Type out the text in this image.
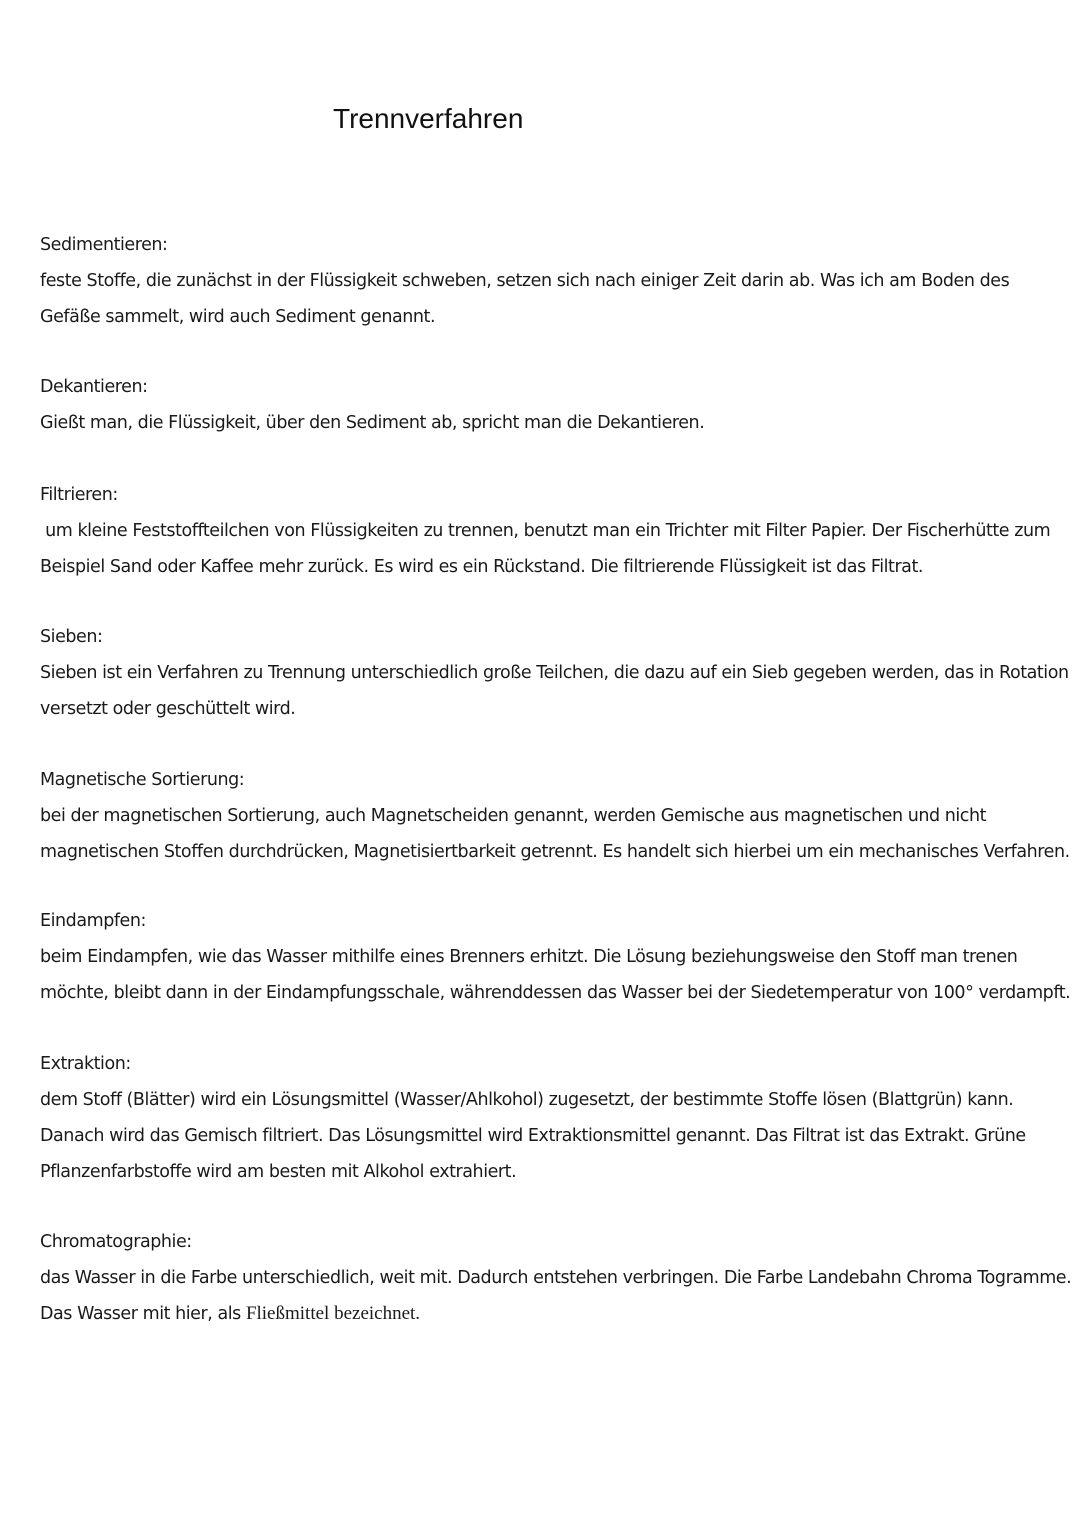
Trennverfahren
Sedimentieren:
feste Stoffe, die zunächst in der Flüssigkeit schweben, setzen sich nach einiger Zeit darin ab. Was ich am Boden des
Gefäße sammelt, wird auch Sediment genannt.
Dekantieren:
Gießt man, die Flüssigkeit, über den Sediment ab, spricht man die Dekantieren.
Filtrieren:
um kleine Feststoffteilchen von Flüssigkeiten zu trennen, benutzt man ein Trichter mit Filter Papier. Der Fischerhütte zum
Beispiel Sand oder Kaffee mehr zurück. Es wird es ein Rückstand. Die filtrierende Flüssigkeit ist das Filtrat.
Sieben:
Sieben ist ein Verfahren zu Trennung unterschiedlich große Teilchen, die dazu auf ein Sieb gegeben werden, das in Rotation
versetzt oder geschüttelt wird.
Magnetische Sortierung:
bei der magnetischen Sortierung, auch Magnetscheiden genannt, werden Gemische aus magnetischen und nicht
magnetischen Stoffen durchdrücken, Magnetisiertbarkeit getrennt. Es handelt sich hierbei um ein mechanisches Verfahren.
Eindampfen:
beim Eindampfen, wie das Wasser mithilfe eines Brenners erhitzt. Die Lösung beziehungsweise den Stoff man trenen
möchte, bleibt dann in der Eindampfungsschale, währenddessen das Wasser bei der Siedetemperatur von 100° verdampft.
Extraktion:
dem Stoff (Blätter) wird ein Lösungsmittel (Wasser/Ahlkohol) zugesetzt, der bestimmte Stoffe lösen (Blattgrün) kann.
Danach wird das Gemisch filtriert. Das Lösungsmittel wird Extraktionsmittel genannt. Das Filtrat ist das Extrakt. Grüne
Pflanzenfarbstoffe wird am besten mit Alkohol extrahiert.
Chromatographie:
das Wasser in die Farbe unterschiedlich, weit mit. Dadurch entstehen verbringen. Die Farbe Landebahn Chroma Togramme.
Das Wasser mit hier, als Fließmittel bezeichnet.
